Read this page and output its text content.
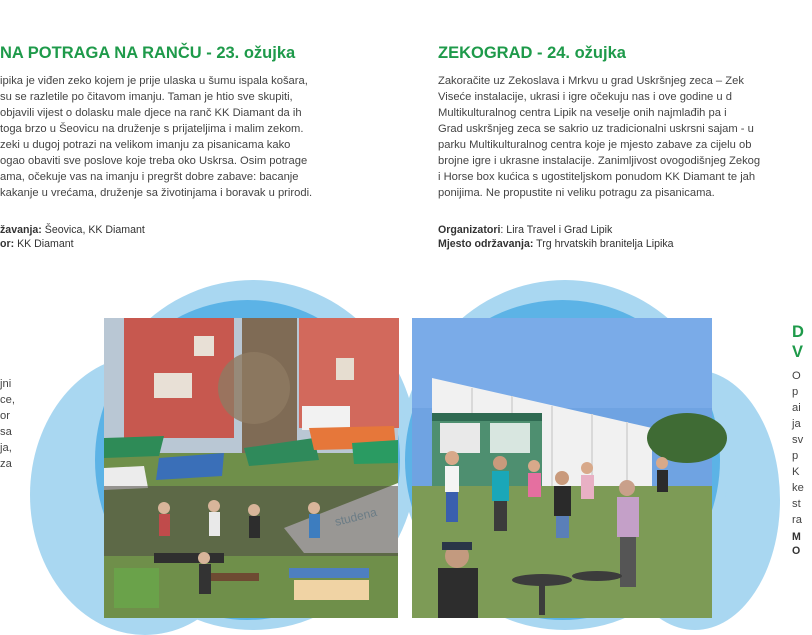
NA POTRAGA NA RANČU - 23. ožujka
ipika je viđen zeko kojem je prije ulaska u šumu ispala košara,
su se razletile po čitavom imanju. Taman je htio sve skupiti,
objavili vijest o dolasku male djece na ranč KK Diamant da ih
toga brzo u Šeovicu na druženje s prijateljima i malim zekom.
zeki u dugoj potrazi na velikom imanju za pisanicama kako
ogao obaviti sve poslove koje treba oko Uskrsa. Osim potrage
ama, očekuje vas na imanju i pregršt dobre zabave: bacanje
kakanje u vrećama, druženje sa životinjama i boravak u prirodi.
žavanja: Šeovica, KK Diamant
or: KK Diamant
jni
ce,
or
sa
ja,
za
ZEKOGRAD - 24. ožujka
Zakoračite uz Zekoslava i Mrkvu u grad Uskršnjeg zeca – Zek
Viseće instalacije, ukrasi i igre očekuju nas i ove godine u d
Multikulturalnog centra Lipik na veselje onih najmlađih pa i
Grad uskršnjeg zeca se sakrio uz tradicionalni uskrsni sajam - u
parku Multikulturalnog centra koje je mjesto zabave za cijelu ob
brojne igre i ukrasne instalacije. Zanimljivost ovogodišnjeg Zekog
i Horse box kućica s ugostiteljskom ponudom KK Diamant te jah
ponijima. Ne propustite ni veliku potragu za pisanicama.
Organizatori: Lira Travel i Grad Lipik
Mjesto održavanja: Trg hrvatskih branitelja Lipika
D
V
O
p
ai
ja
sv
p
K
ke
st
ra
M
O
